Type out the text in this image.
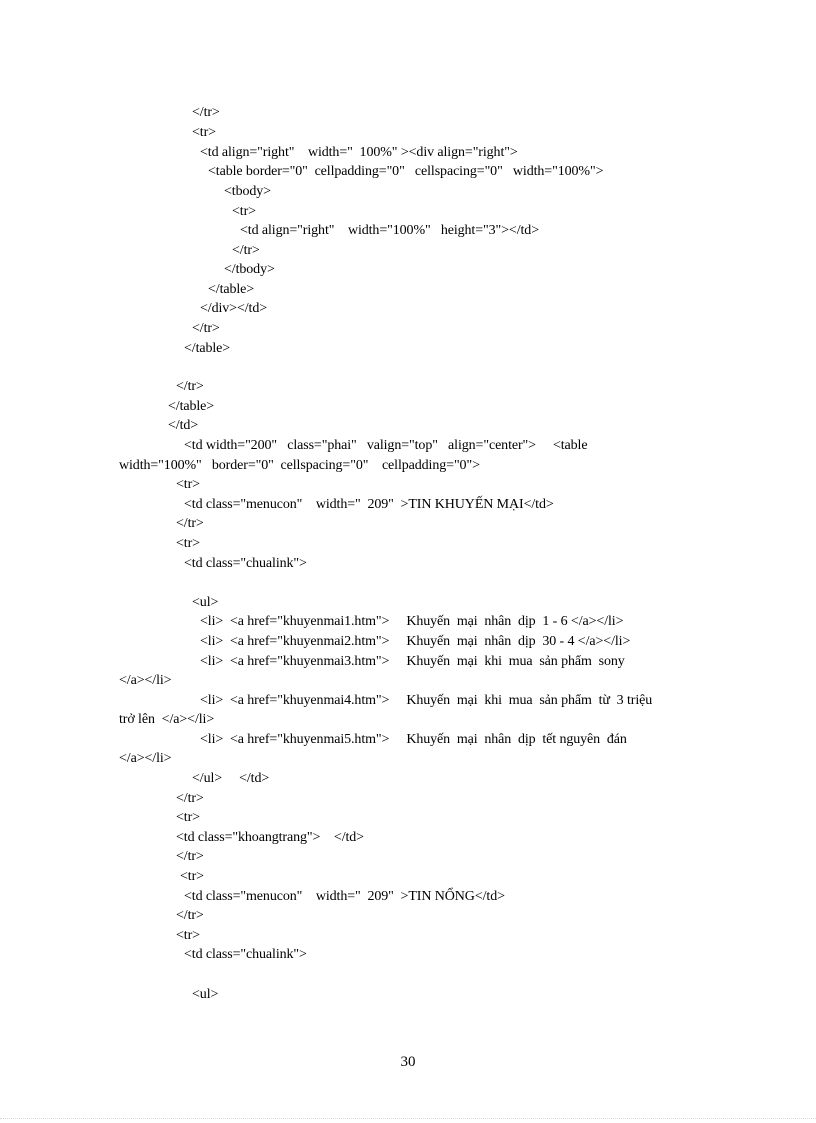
</tr>
<tr>
<td align="right"    width="  100%" ><div align="right">
<table border="0"  cellpadding="0"   cellspacing="0"   width="100%">
<tbody>
<tr>
<td align="right"    width="100%"   height="3"></td>
</tr>
</tbody>
</table>
</div></td>
</tr>
</table>
</tr>
</table>
</td>
<td width="200"   class="phai"   valign="top"   align="center">     <table
width="100%"   border="0"  cellspacing="0"    cellpadding="0">
<tr>
<td class="menucon"    width="  209"  >TIN KHUYẾN MẠI</td>
</tr>
<tr>
<td class="chualink">
<ul>
<li>  <a href="khuyenmai1.htm">     Khuyến  mại  nhân  dịp  1 - 6 </a></li>
<li>  <a href="khuyenmai2.htm">     Khuyến  mại  nhân  dịp  30 - 4 </a></li>
<li>  <a href="khuyenmai3.htm">     Khuyến  mại  khi  mua  sản phẩm  sony
</a></li>
<li>  <a href="khuyenmai4.htm">     Khuyến  mại  khi  mua  sản phẩm  từ  3 triệu
trở lên  </a></li>
<li>  <a href="khuyenmai5.htm">     Khuyến  mại  nhân  dịp  tết nguyên  đán
</a></li>
</ul>     </td>
</tr>
<tr>
<td class="khoangtrang">    </td>
</tr>
<tr>
<td class="menucon"    width="  209"  >TIN NỔNG</td>
</tr>
<tr>
<td class="chualink">
<ul>
30
